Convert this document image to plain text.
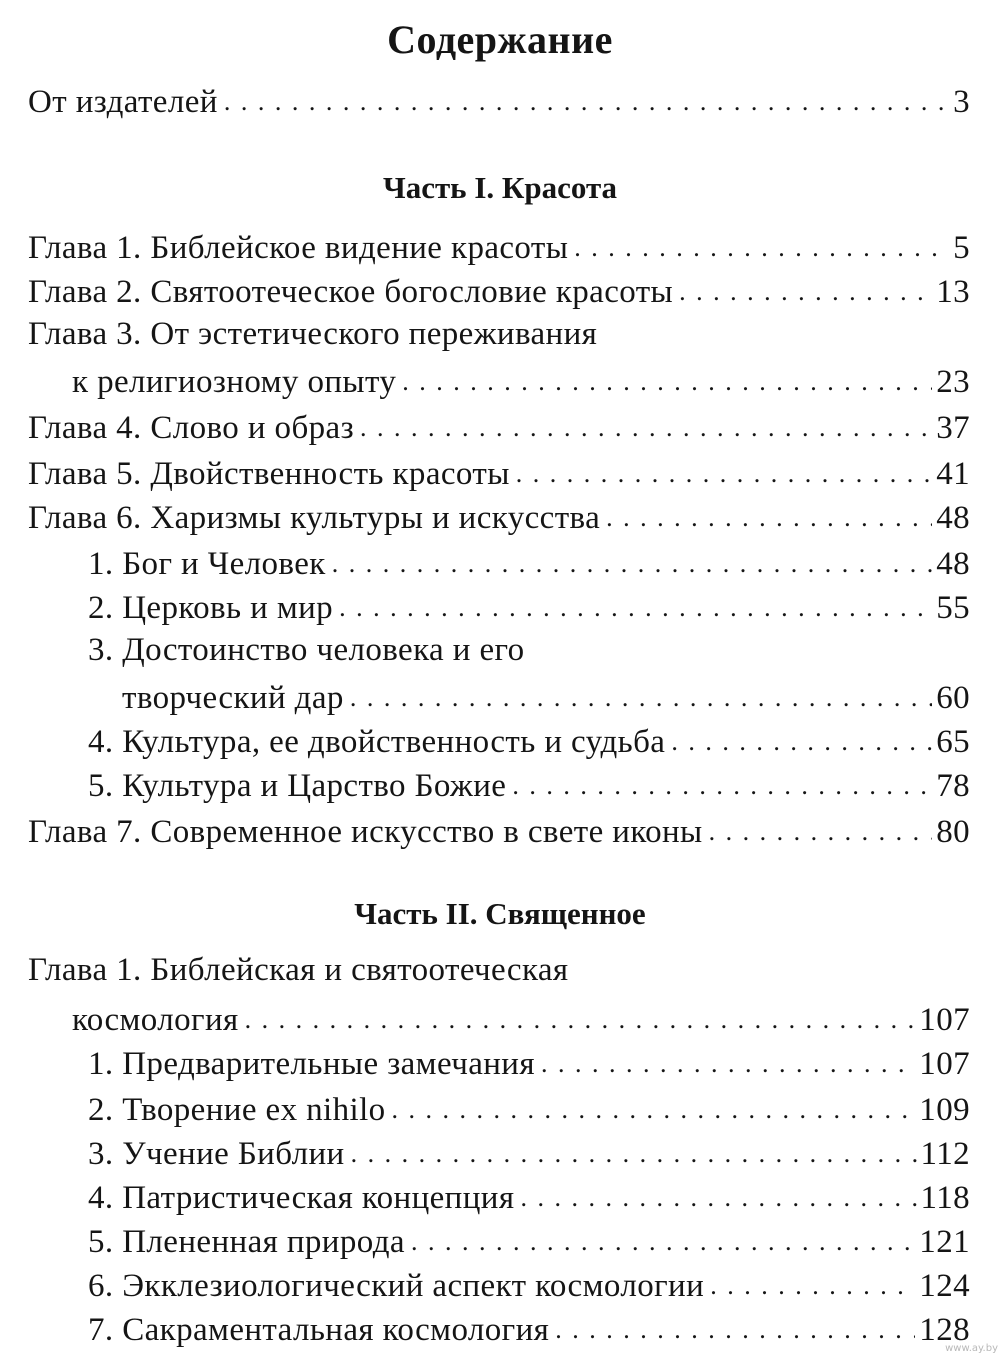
Содержание
От издателей . . .	3
Часть I. Красота
Глава 1. Библейское видение красоты . . .	5
Глава 2. Святоотеческое богословие красоты . . .	13
Глава 3. От эстетического переживания
к религиозному опыту . . .	23
Глава 4. Слово и образ . . .	37
Глава 5. Двойственность красоты . . .	41
Глава 6. Харизмы культуры и искусства . . .	48
1. Бог и Человек . . .	48
2. Церковь и мир . . .	55
3. Достоинство человека и его
творческий дар . . .	60
4. Культура, ее двойственность и судьба . . .	65
5. Культура и Царство Божие . . .	78
Глава 7. Современное искусство в свете иконы . . .	80
Часть II. Священное
Глава 1. Библейская и святоотеческая
космология . . .	107
1. Предварительные замечания . . .	107
2. Творение ex nihilo . . .	109
3. Учение Библии . . .	112
4. Патристическая концепция . . .	118
5. Плененная природа . . .	121
6. Экклезиологический аспект космологии . . .	124
7. Сакраментальная космология . . .	128
www.ay.by
